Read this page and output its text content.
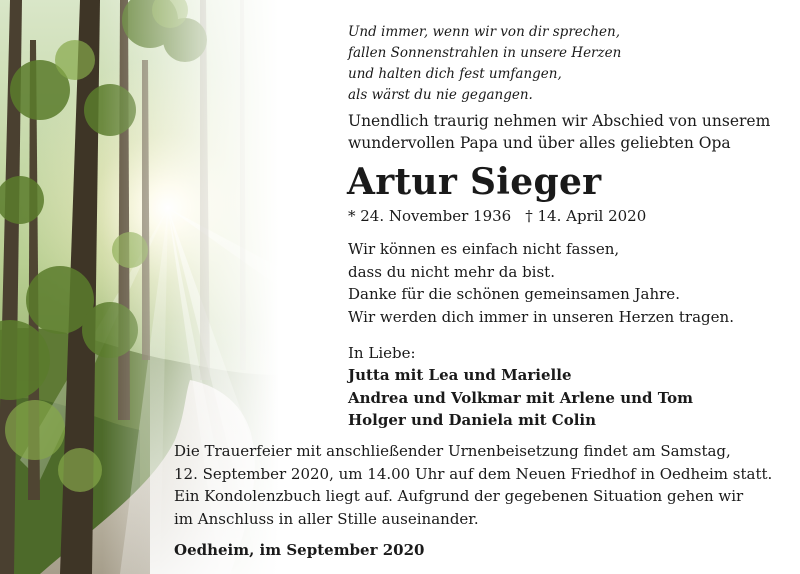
Und immer, wenn wir von dir sprechen,
fallen Sonnenstrahlen in unsere Herzen
und halten dich fest umfangen,
als wärst du nie gegangen.
Unendlich traurig nehmen wir Abschied von unserem
wundervollen Papa und über alles geliebten Opa
Artur Sieger
* 24. November 1936 † 14. April 2020
Wir können es einfach nicht fassen,
dass du nicht mehr da bist.
Danke für die schönen gemeinsamen Jahre.
Wir werden dich immer in unseren Herzen tragen.
In Liebe:
Jutta mit Lea und Marielle
Andrea und Volkmar mit Arlene und Tom
Holger und Daniela mit Colin
Die Trauerfeier mit anschließender Urnenbeisetzung findet am Samstag,
12. September 2020, um 14.00 Uhr auf dem Neuen Friedhof in Oedheim statt.
Ein Kondolenzbuch liegt auf. Aufgrund der gegebenen Situation gehen wir
im Anschluss in aller Stille auseinander.
Oedheim, im September 2020
